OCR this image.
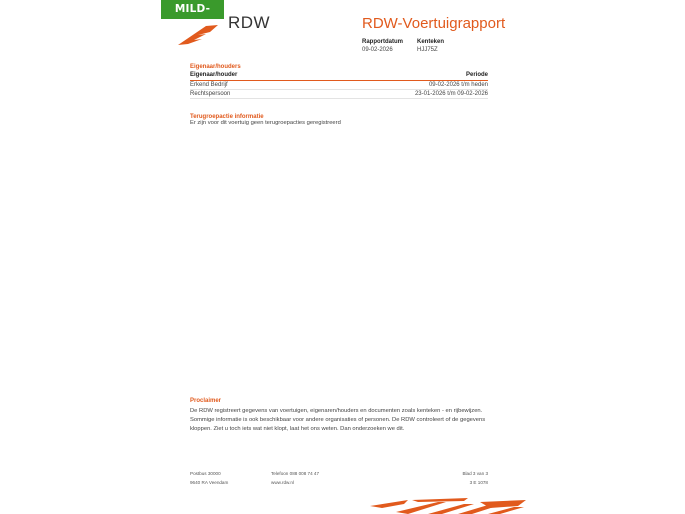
MILD-HYBRID RDW	RDW-Voertuigrapport
Rapportdatum
09-02-2026
Kenteken
HJJ75Z
Eigenaar/houders
Eigenaar/houder	Periode
Erkend Bedrijf	09-02-2026 t/m heden
Rechtspersoon	23-01-2026 t/m 09-02-2026
Terugroepactie informatie
Er zijn voor dit voertuig geen terugroepacties geregistreerd
Proclaimer
De RDW registreert gegevens van voertuigen, eigenaren/houders en documenten zoals kenteken - en rijbewijzen.
Sommige informatie is ook beschikbaar voor andere organisaties of personen. De RDW controleert of de gegevens
kloppen. Ziet u toch iets wat niet klopt, laat het ons weten. Dan onderzoeken we dit.
Postbus 30000
9640 RA Veendam
Telefoon 088 008 74 47
www.rdw.nl
Blad 3 van 3
3 E 1078
